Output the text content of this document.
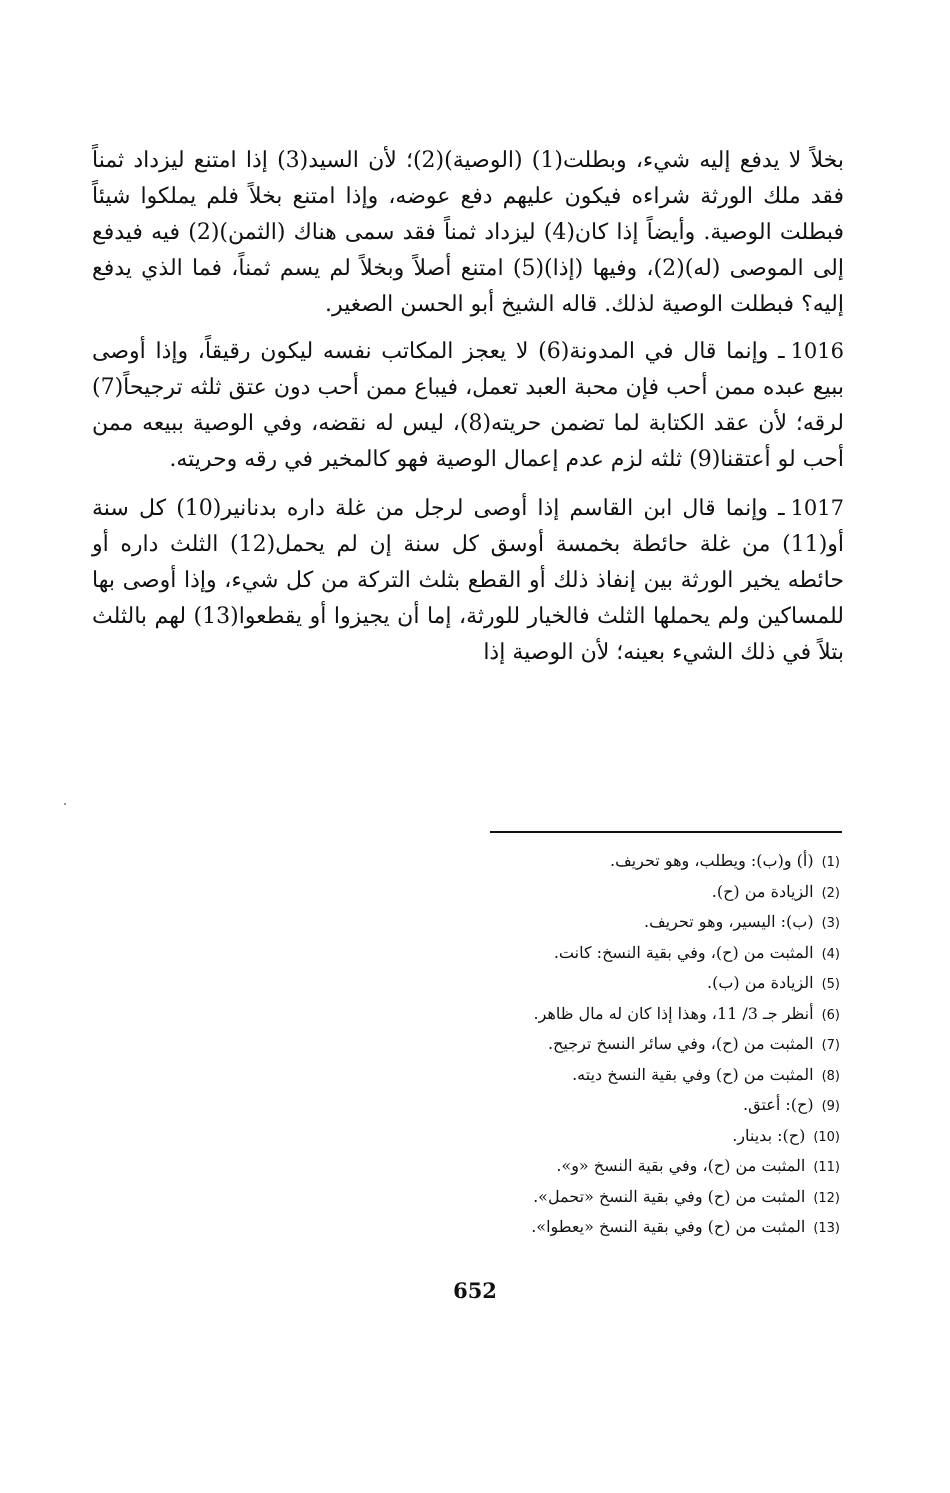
بخلاً لا يدفع إليه شيء، وبطلت(1) (الوصية)(2)؛ لأن السيد(3) إذا امتنع ليزداد ثمناً فقد ملك الورثة شراءه فيكون عليهم دفع عوضه، وإذا امتنع بخلاً فلم يملكوا شيئاً فبطلت الوصية. وأيضاً إذا كان(4) ليزداد ثمناً فقد سمى هناك (الثمن)(2) فيه فيدفع إلى الموصى (له)(2)، وفيها (إذا)(5) امتنع أصلاً وبخلاً لم يسم ثمناً، فما الذي يدفع إليه؟ فبطلت الوصية لذلك. قاله الشيخ أبو الحسن الصغير.

1016ـ وإنما قال في المدونة(6) لا يعجز المكاتب نفسه ليكون رقيقاً، وإذا أوصى ببيع عبده ممن أحب فإن محبة العبد تعمل، فيباع ممن أحب دون عتق ثلثه ترجيحاً(7) لرقه؛ لأن عقد الكتابة لما تضمن حريته(8)، ليس له نقضه، وفي الوصية ببيعه ممن أحب لو أعتقنا(9) ثلثه لزم عدم إعمال الوصية فهو كالمخير في رقه وحريته.

1017ـ وإنما قال ابن القاسم إذا أوصى لرجل من غلة داره بدنانير(10) كل سنة أو(11) من غلة حائطة بخمسة أوسق كل سنة إن لم يحمل(12) الثلث داره أو حائطه يخير الورثة بين إنفاذ ذلك أو القطع بثلث التركة من كل شيء، وإذا أوصى بها للمساكين ولم يحملها الثلث فالخيار للورثة، إما أن يجيزوا أو يقطعوا(13) لهم بالثلث بتلاً في ذلك الشيء بعينه؛ لأن الوصية إذا

(1)(أ) و(ب): ويطلب، وهو تحريف.
(2)الزيادة من (ح).
(3)(ب): اليسير، وهو تحريف.
(4)المثبت من (ح)، وفي بقية النسخ: كانت.
(5)الزيادة من (ب).
(6)أنظر جـ 3/ 11، وهذا إذا كان له مال ظاهر.
(7)المثبت من (ح)، وفي سائر النسخ ترجيح.
(8)المثبت من (ح) وفي بقية النسخ ديته.
(9)(ح): أعتق.
(10)(ح): بدينار.
(11)المثبت من (ح)، وفي بقية النسخ «و».
(12)المثبت من (ح) وفي بقية النسخ «تحمل».
(13)المثبت من (ح) وفي بقية النسخ «يعطوا».
652
